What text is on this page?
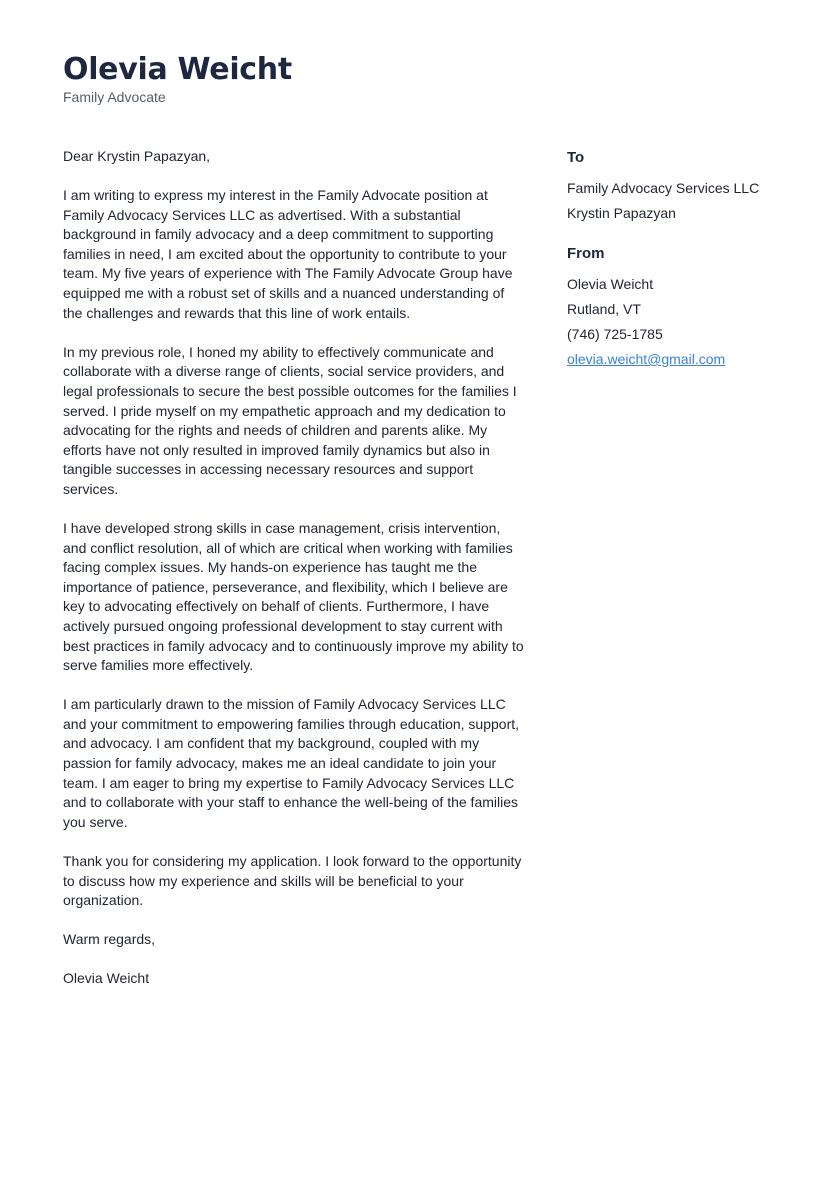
Olevia Weicht
Family Advocate

Dear Krystin Papazyan,

I am writing to express my interest in the Family Advocate position at Family Advocacy Services LLC as advertised. With a substantial background in family advocacy and a deep commitment to supporting families in need, I am excited about the opportunity to contribute to your team. My five years of experience with The Family Advocate Group have equipped me with a robust set of skills and a nuanced understanding of the challenges and rewards that this line of work entails.

In my previous role, I honed my ability to effectively communicate and collaborate with a diverse range of clients, social service providers, and legal professionals to secure the best possible outcomes for the families I served. I pride myself on my empathetic approach and my dedication to advocating for the rights and needs of children and parents alike. My efforts have not only resulted in improved family dynamics but also in tangible successes in accessing necessary resources and support services.

I have developed strong skills in case management, crisis intervention, and conflict resolution, all of which are critical when working with families facing complex issues. My hands-on experience has taught me the importance of patience, perseverance, and flexibility, which I believe are key to advocating effectively on behalf of clients. Furthermore, I have actively pursued ongoing professional development to stay current with best practices in family advocacy and to continuously improve my ability to serve families more effectively.

I am particularly drawn to the mission of Family Advocacy Services LLC and your commitment to empowering families through education, support, and advocacy. I am confident that my background, coupled with my passion for family advocacy, makes me an ideal candidate to join your team. I am eager to bring my expertise to Family Advocacy Services LLC and to collaborate with your staff to enhance the well-being of the families you serve.

Thank you for considering my application. I look forward to the opportunity to discuss how my experience and skills will be beneficial to your organization.

Warm regards,

Olevia Weicht

To
Family Advocacy Services LLC
Krystin Papazyan
From
Olevia Weicht
Rutland, VT
(746) 725-1785
olevia.weicht@gmail.com
